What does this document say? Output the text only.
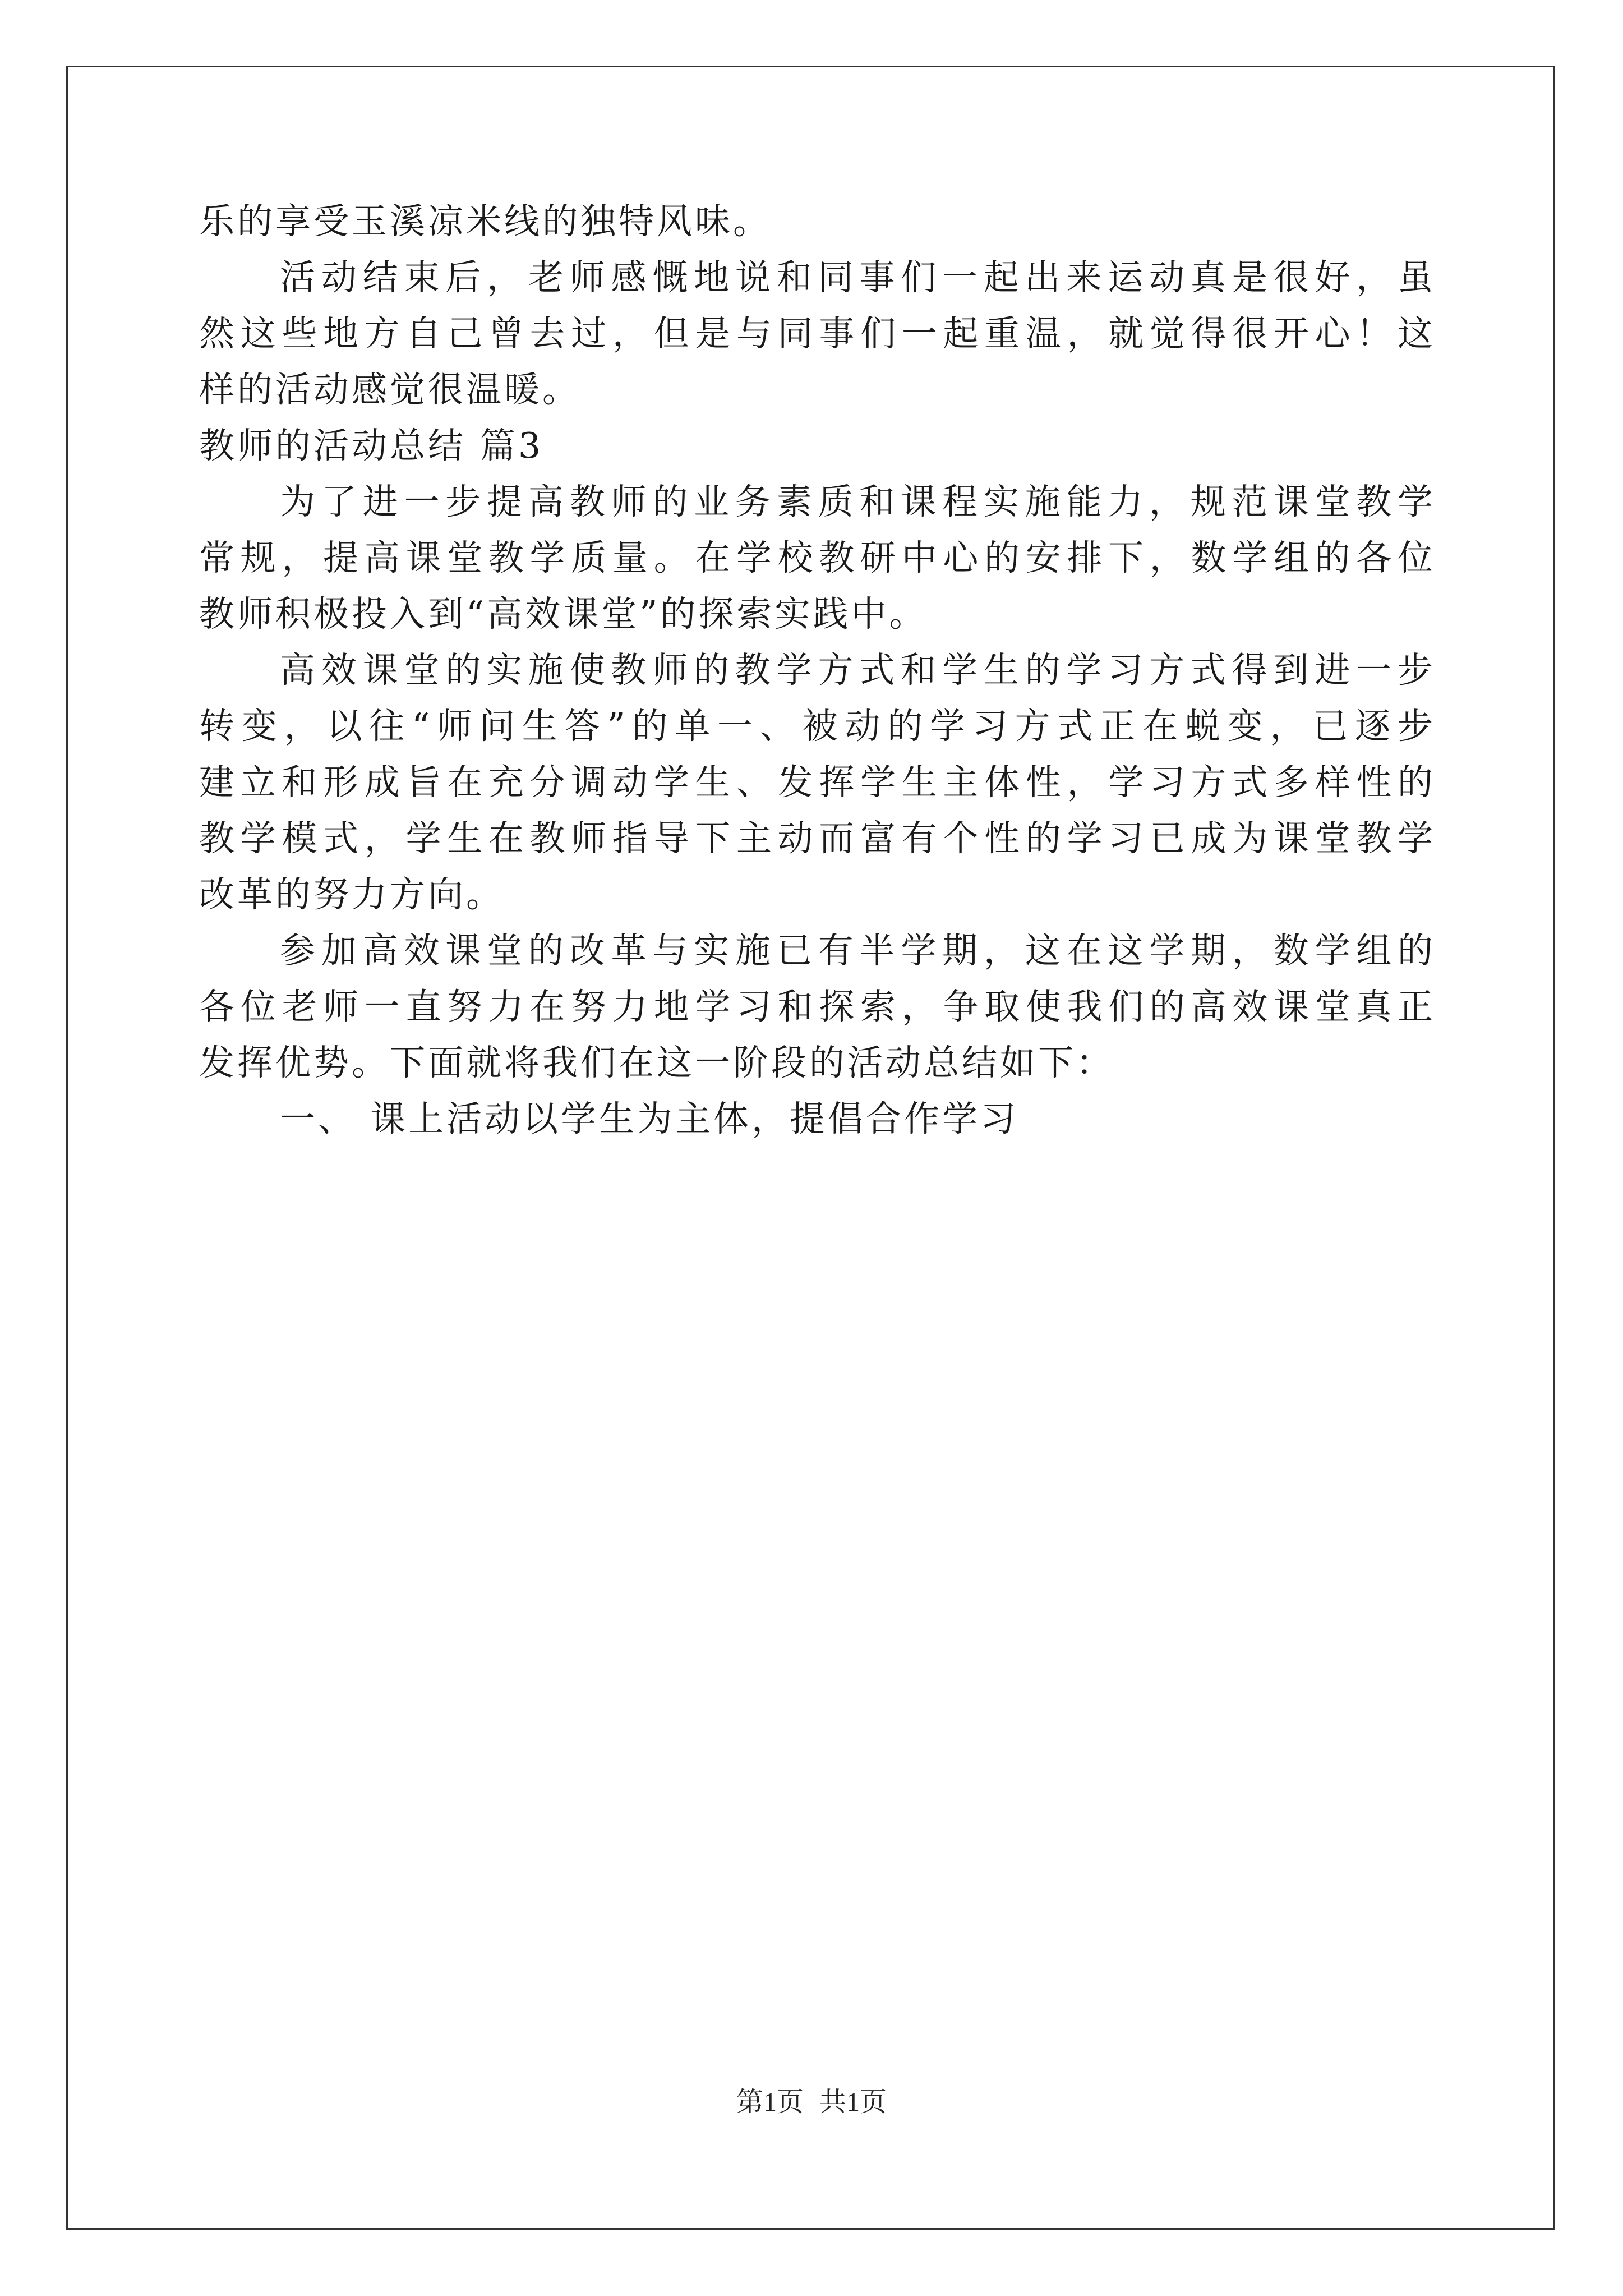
乐的享受玉溪凉米线的独特风味。
活动结束后，老师感慨地说和同事们一起出来运动真是很好，虽
然这些地方自己曾去过，但是与同事们一起重温，就觉得很开心！这
样的活动感觉很温暖。
教师的活动总结 篇3
为了进一步提高教师的业务素质和课程实施能力，规范课堂教学
常规，提高课堂教学质量。在学校教研中心的安排下，数学组的各位
教师积极投入到“高效课堂”的探索实践中。
高效课堂的实施使教师的教学方式和学生的学习方式得到进一步
转变，以往“师问生答”的单一、被动的学习方式正在蜕变，已逐步
建立和形成旨在充分调动学生、发挥学生主体性，学习方式多样性的
教学模式，学生在教师指导下主动而富有个性的学习已成为课堂教学
改革的努力方向。
参加高效课堂的改革与实施已有半学期，这在这学期，数学组的
各位老师一直努力在努力地学习和探索，争取使我们的高效课堂真正
发挥优势。下面就将我们在这一阶段的活动总结如下：
一、 课上活动以学生为主体，提倡合作学习
第1页 共1页
